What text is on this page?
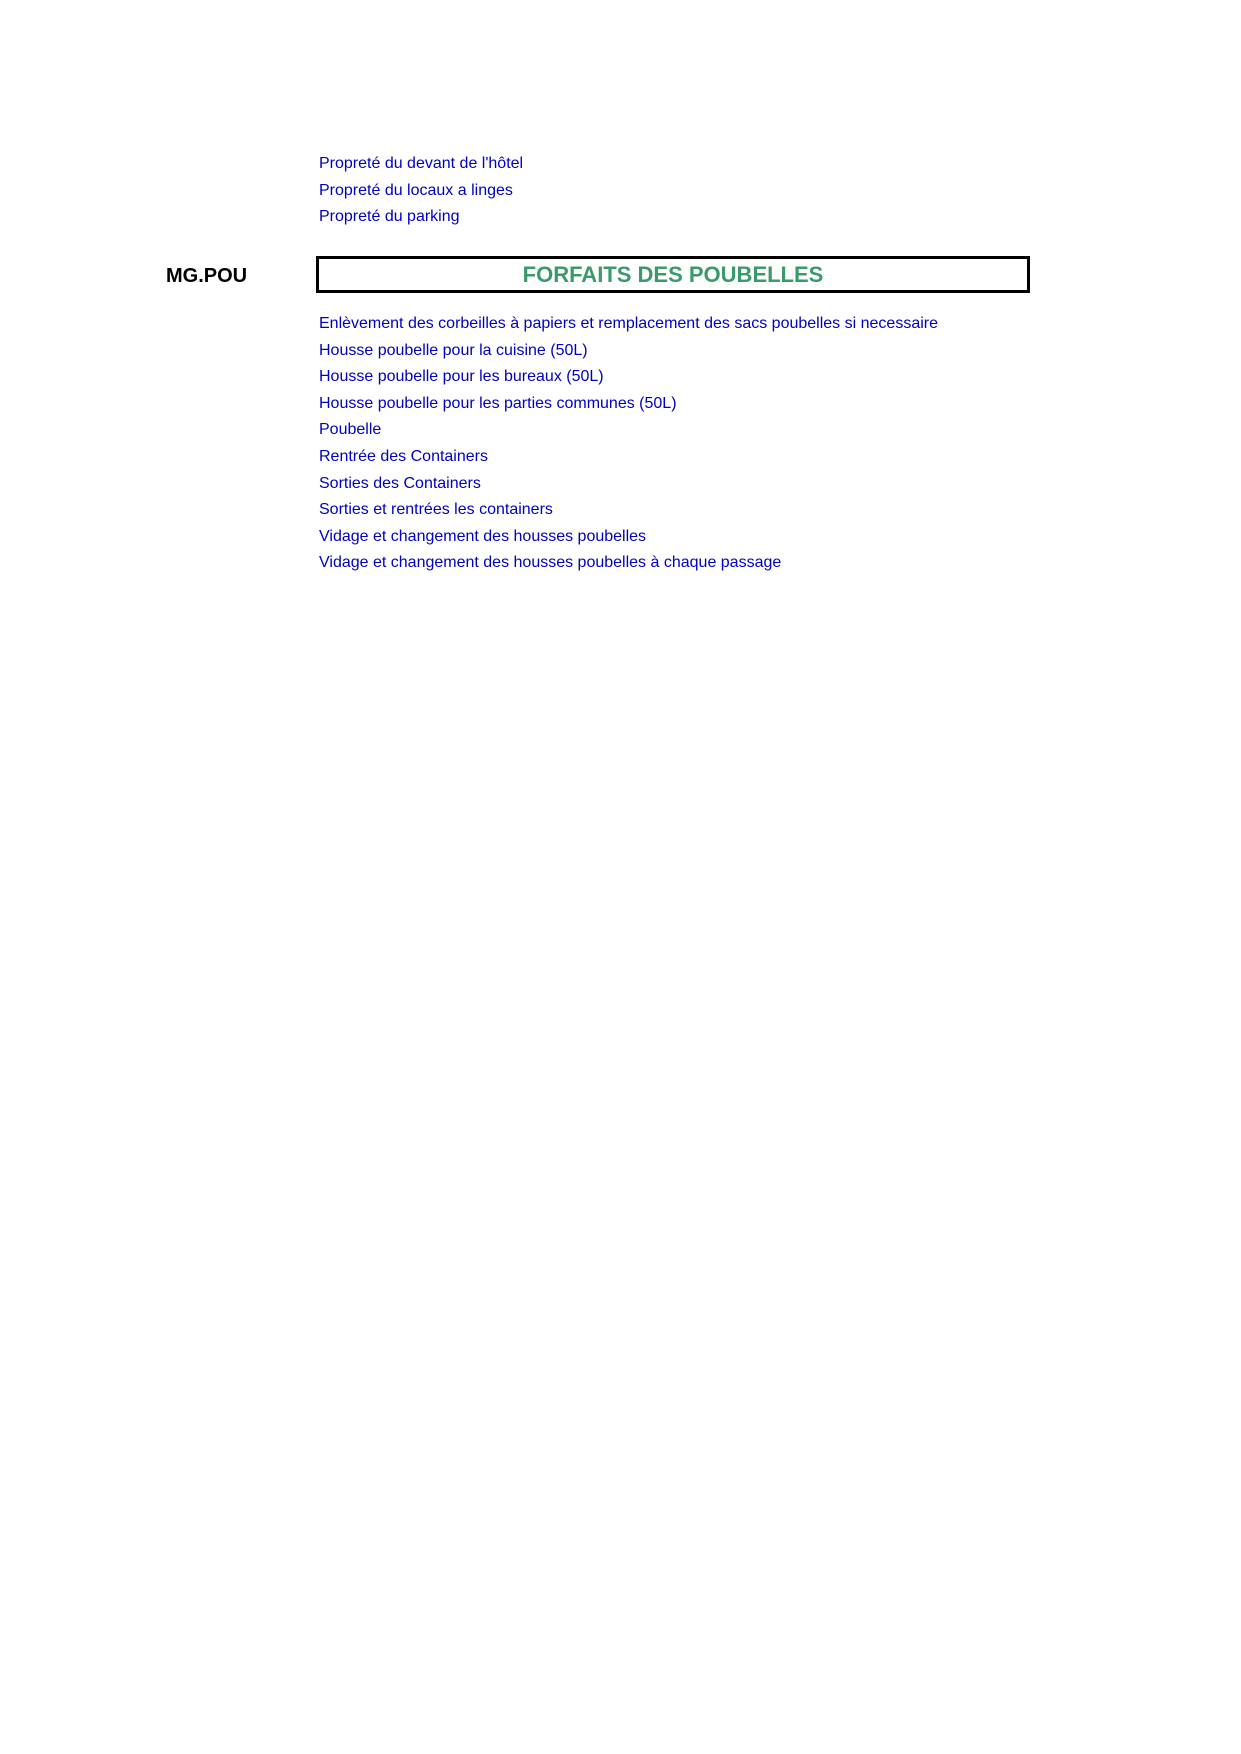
Propreté du devant de l'hôtel
Propreté du locaux a linges
Propreté du parking
MG.POU	FORFAITS DES POUBELLES
Enlèvement des corbeilles à papiers et remplacement des sacs poubelles si necessaire
Housse poubelle pour la cuisine (50L)
Housse poubelle pour les bureaux (50L)
Housse poubelle pour les parties communes (50L)
Poubelle
Rentrée des Containers
Sorties des Containers
Sorties et rentrées les containers
Vidage et changement des housses poubelles
Vidage et changement des housses poubelles à chaque passage
